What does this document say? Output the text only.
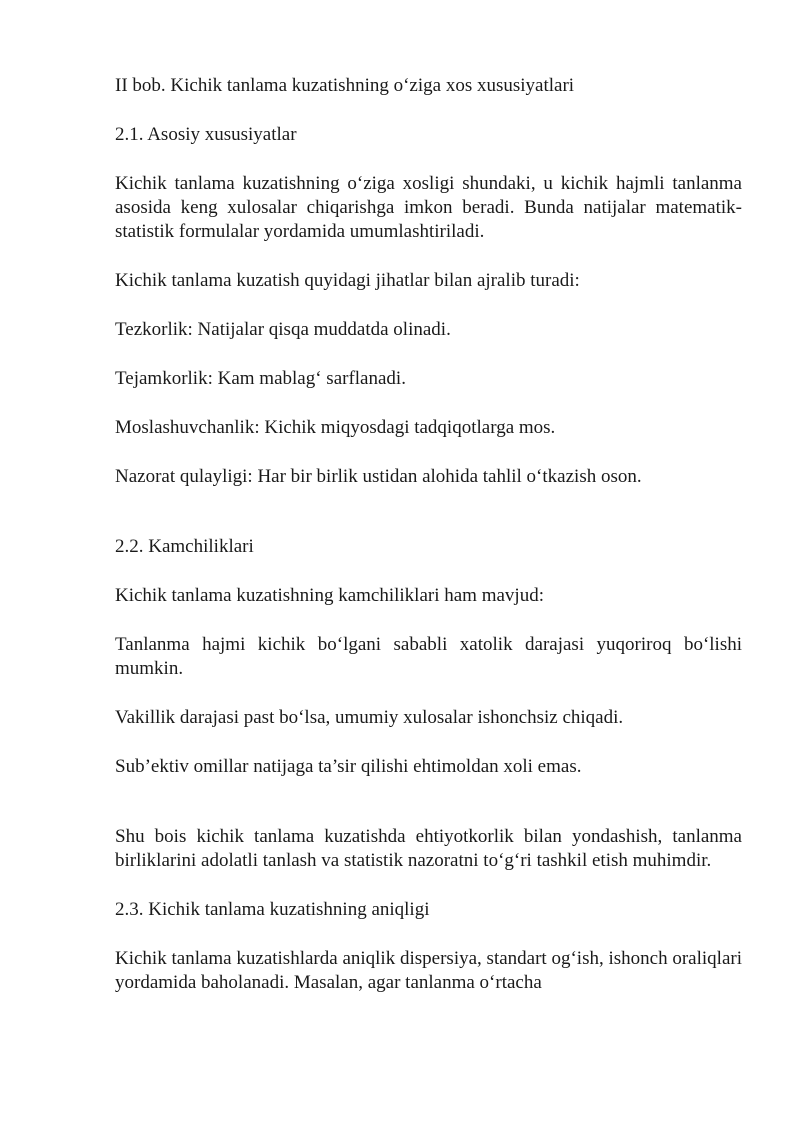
II bob. Kichik tanlama kuzatishning o‘ziga xos xususiyatlari

2.1. Asosiy xususiyatlar

Kichik tanlama kuzatishning o‘ziga xosligi shundaki, u kichik hajmli tanlanma asosida keng xulosalar chiqarishga imkon beradi. Bunda natijalar matematik-statistik formulalar yordamida umumlashtiriladi.

Kichik tanlama kuzatish quyidagi jihatlar bilan ajralib turadi:

Tezkorlik: Natijalar qisqa muddatda olinadi.

Tejamkorlik: Kam mablag‘ sarflanadi.

Moslashuvchanlik: Kichik miqyosdagi tadqiqotlarga mos.

Nazorat qulayligi: Har bir birlik ustidan alohida tahlil o‘tkazish oson.

2.2. Kamchiliklari

Kichik tanlama kuzatishning kamchiliklari ham mavjud:

Tanlanma hajmi kichik bo‘lgani sababli xatolik darajasi yuqoriroq bo‘lishi mumkin.

Vakillik darajasi past bo‘lsa, umumiy xulosalar ishonchsiz chiqadi.

Sub’ektiv omillar natijaga ta’sir qilishi ehtimoldan xoli emas.

Shu bois kichik tanlama kuzatishda ehtiyotkorlik bilan yondashish, tanlanma birliklarini adolatli tanlash va statistik nazoratni to‘g‘ri tashkil etish muhimdir.

2.3. Kichik tanlama kuzatishning aniqligi

Kichik tanlama kuzatishlarda aniqlik dispersiya, standart og‘ish, ishonch oraliqlari yordamida baholanadi. Masalan, agar tanlanma o‘rtacha
